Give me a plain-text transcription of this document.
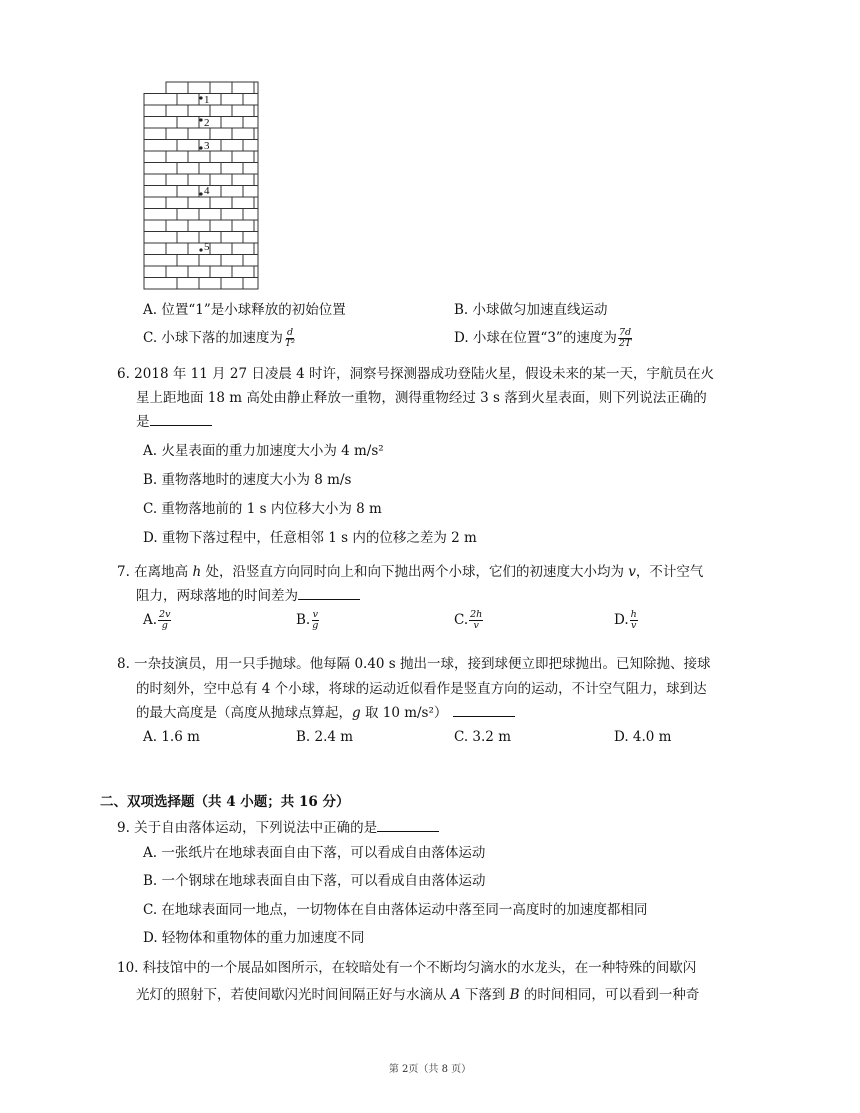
1
2
3
4
5
A. 位置“1”是小球释放的初始位置	B. 小球做匀加速直线运动
C. 小球下落的加速度为 $\frac{d}{\text{T²}}$	D. 小球在位置“3”的速度为 $\frac{7d}{2T}$
6. 2018 年 11 月 27 日凌晨 4 时许，洞察号探测器成功登陆火星，假设未来的某一天，宇航员在火
星上距地面 18 m 高处由静止释放一重物，测得重物经过 3 s 落到火星表面，则下列说法正确的
是
A. 火星表面的重力加速度大小为 4 m/s²
B. 重物落地时的速度大小为 8 m/s
C. 重物落地前的 1 s 内位移大小为 8 m
D. 重物下落过程中，任意相邻 1 s 内的位移之差为 2 m
7. 在离地高 h 处，沿竖直方向同时向上和向下抛出两个小球，它们的初速度大小均为 v，不计空气
阻力，两球落地的时间差为
A. $\frac{2v}{g}$	B. $\frac{v}{g}$	C. $\frac{2h}{v}$	D. $\frac{h}{v}$
8. 一杂技演员，用一只手抛球。他每隔 0.40 s 抛出一球，接到球便立即把球抛出。已知除抛、接球
的时刻外，空中总有 4 个小球，将球的运动近似看作是竖直方向的运动，不计空气阻力，球到达
的最大高度是（高度从抛球点算起，g 取 10 m/s²）
A. 1.6 m	B. 2.4 m	C. 3.2 m	D. 4.0 m
二、双项选择题（共 4 小题；共 16 分）
9. 关于自由落体运动，下列说法中正确的是
A. 一张纸片在地球表面自由下落，可以看成自由落体运动
B. 一个钢球在地球表面自由下落，可以看成自由落体运动
C. 在地球表面同一地点，一切物体在自由落体运动中落至同一高度时的加速度都相同
D. 轻物体和重物体的重力加速度不同
10. 科技馆中的一个展品如图所示，在较暗处有一个不断均匀滴水的水龙头，在一种特殊的间歇闪
光灯的照射下，若使间歇闪光时间间隔正好与水滴从 A 下落到 B 的时间相同，可以看到一种奇
第 2页（共 8 页）
